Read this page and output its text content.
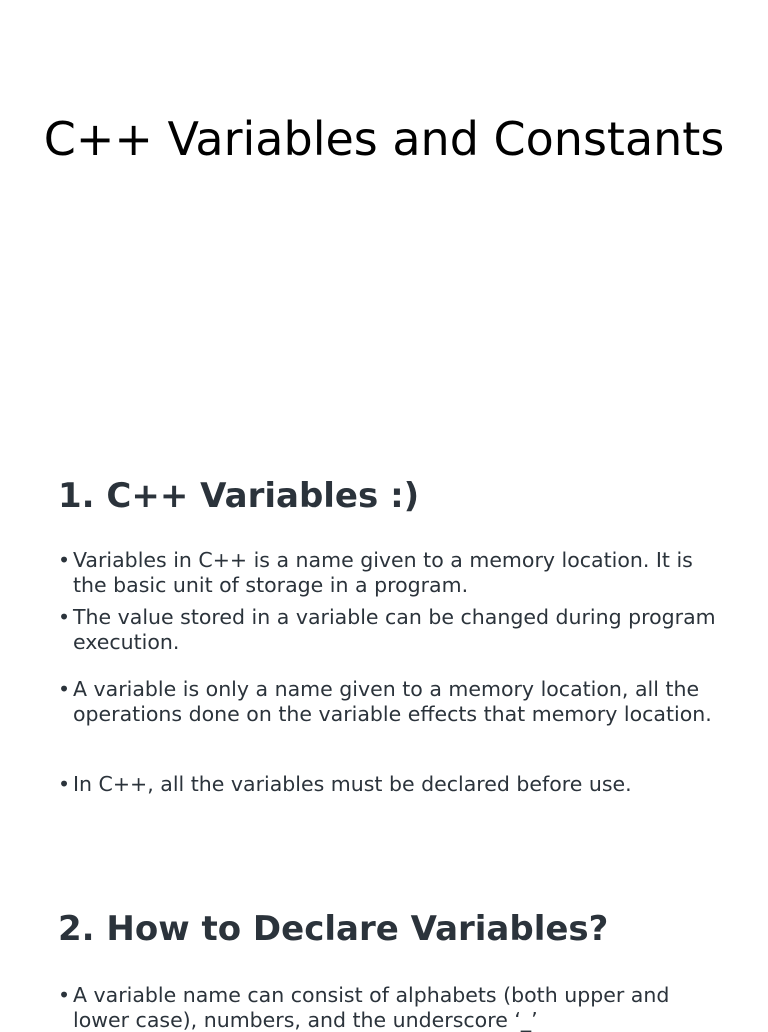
C++ Variables and Constants
1. C++ Variables :)
• Variables in C++ is a name given to a memory location. It is the basic unit of storage in a program.
• The value stored in a variable can be changed during program execution.
• A variable is only a name given to a memory location, all the operations done on the variable effects that memory location.
• In C++, all the variables must be declared before use.
2. How to Declare Variables?
• A variable name can consist of alphabets (both upper and lower case), numbers, and the underscore ‘_’
